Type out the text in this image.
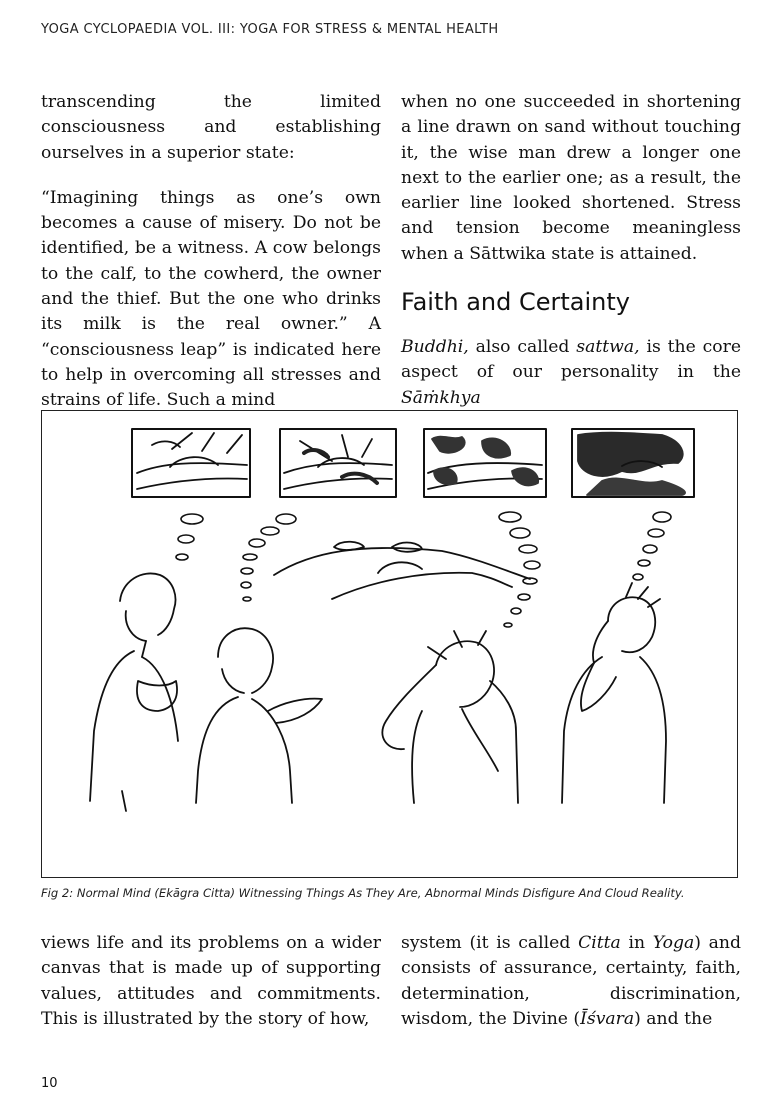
YOGA CYCLOPAEDIA VOL. III: YOGA FOR STRESS & MENTAL HEALTH

transcending the limited consciousness and establishing ourselves in a superior state:

“Imagining things as one’s own becomes a cause of misery. Do not be identified, be a witness. A cow belongs to the calf, to the cowherd, the owner and the thief. But the one who drinks its milk is the real owner.” A “consciousness leap” is indicated here to help in overcoming all stresses and strains of life. Such a mind

when no one succeeded in shortening a line drawn on sand without touching it, the wise man drew a longer one next to the earlier one; as a result, the earlier line looked shortened. Stress and tension become meaningless when a Sāttwika state is attained.

Faith and Certainty

Buddhi, also called sattwa, is the core aspect of our personality in the Sāṁkhya

Fig 2: Normal Mind (Ekāgra Citta) Witnessing Things As They Are, Abnormal Minds Disfigure And Cloud Reality.

views life and its problems on a wider canvas that is made up of supporting values, attitudes and commitments. This is illustrated by the story of how,

system (it is called Citta in Yoga) and consists of assurance, certainty, faith, determination, discrimination, wisdom, the Divine (Īśvara) and the

10
